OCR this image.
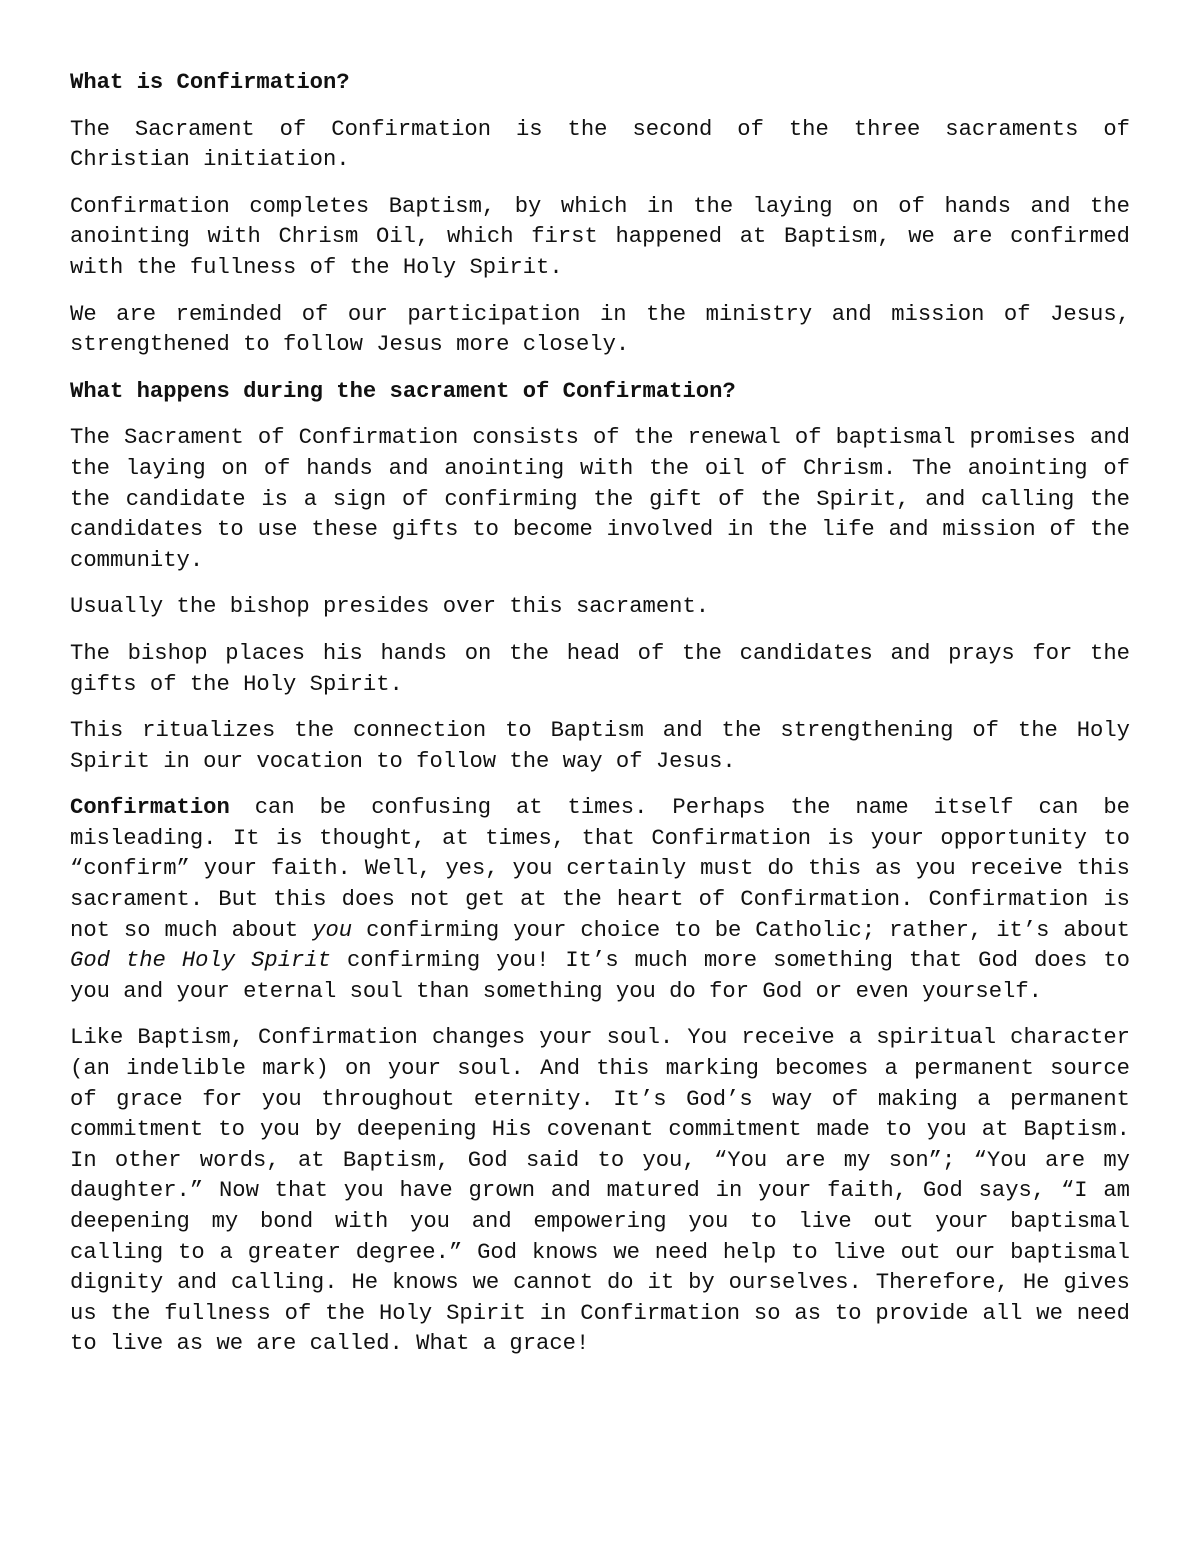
What is Confirmation?

The Sacrament of Confirmation is the second of the three sacraments of Christian initiation.

Confirmation completes Baptism, by which in the laying on of hands and the anointing with Chrism Oil, which first happened at Baptism, we are confirmed with the fullness of the Holy Spirit.

We are reminded of our participation in the ministry and mission of Jesus, strengthened to follow Jesus more closely.

What happens during the sacrament of Confirmation?

The Sacrament of Confirmation consists of the renewal of baptismal promises and the laying on of hands and anointing with the oil of Chrism. The anointing of the candidate is a sign of confirming the gift of the Spirit, and calling the candidates to use these gifts to become involved in the life and mission of the community.

Usually the bishop presides over this sacrament.

The bishop places his hands on the head of the candidates and prays for the gifts of the Holy Spirit.

This ritualizes the connection to Baptism and the strengthening of the Holy Spirit in our vocation to follow the way of Jesus.

Confirmation can be confusing at times. Perhaps the name itself can be misleading. It is thought, at times, that Confirmation is your opportunity to “confirm” your faith. Well, yes, you certainly must do this as you receive this sacrament. But this does not get at the heart of Confirmation. Confirmation is not so much about you confirming your choice to be Catholic; rather, it’s about God the Holy Spirit confirming you! It’s much more something that God does to you and your eternal soul than something you do for God or even yourself.

Like Baptism, Confirmation changes your soul. You receive a spiritual character (an indelible mark) on your soul. And this marking becomes a permanent source of grace for you throughout eternity. It’s God’s way of making a permanent commitment to you by deepening His covenant commitment made to you at Baptism. In other words, at Baptism, God said to you, “You are my son”; “You are my daughter.” Now that you have grown and matured in your faith, God says, “I am deepening my bond with you and empowering you to live out your baptismal calling to a greater degree.” God knows we need help to live out our baptismal dignity and calling. He knows we cannot do it by ourselves. Therefore, He gives us the fullness of the Holy Spirit in Confirmation so as to provide all we need to live as we are called. What a grace!
